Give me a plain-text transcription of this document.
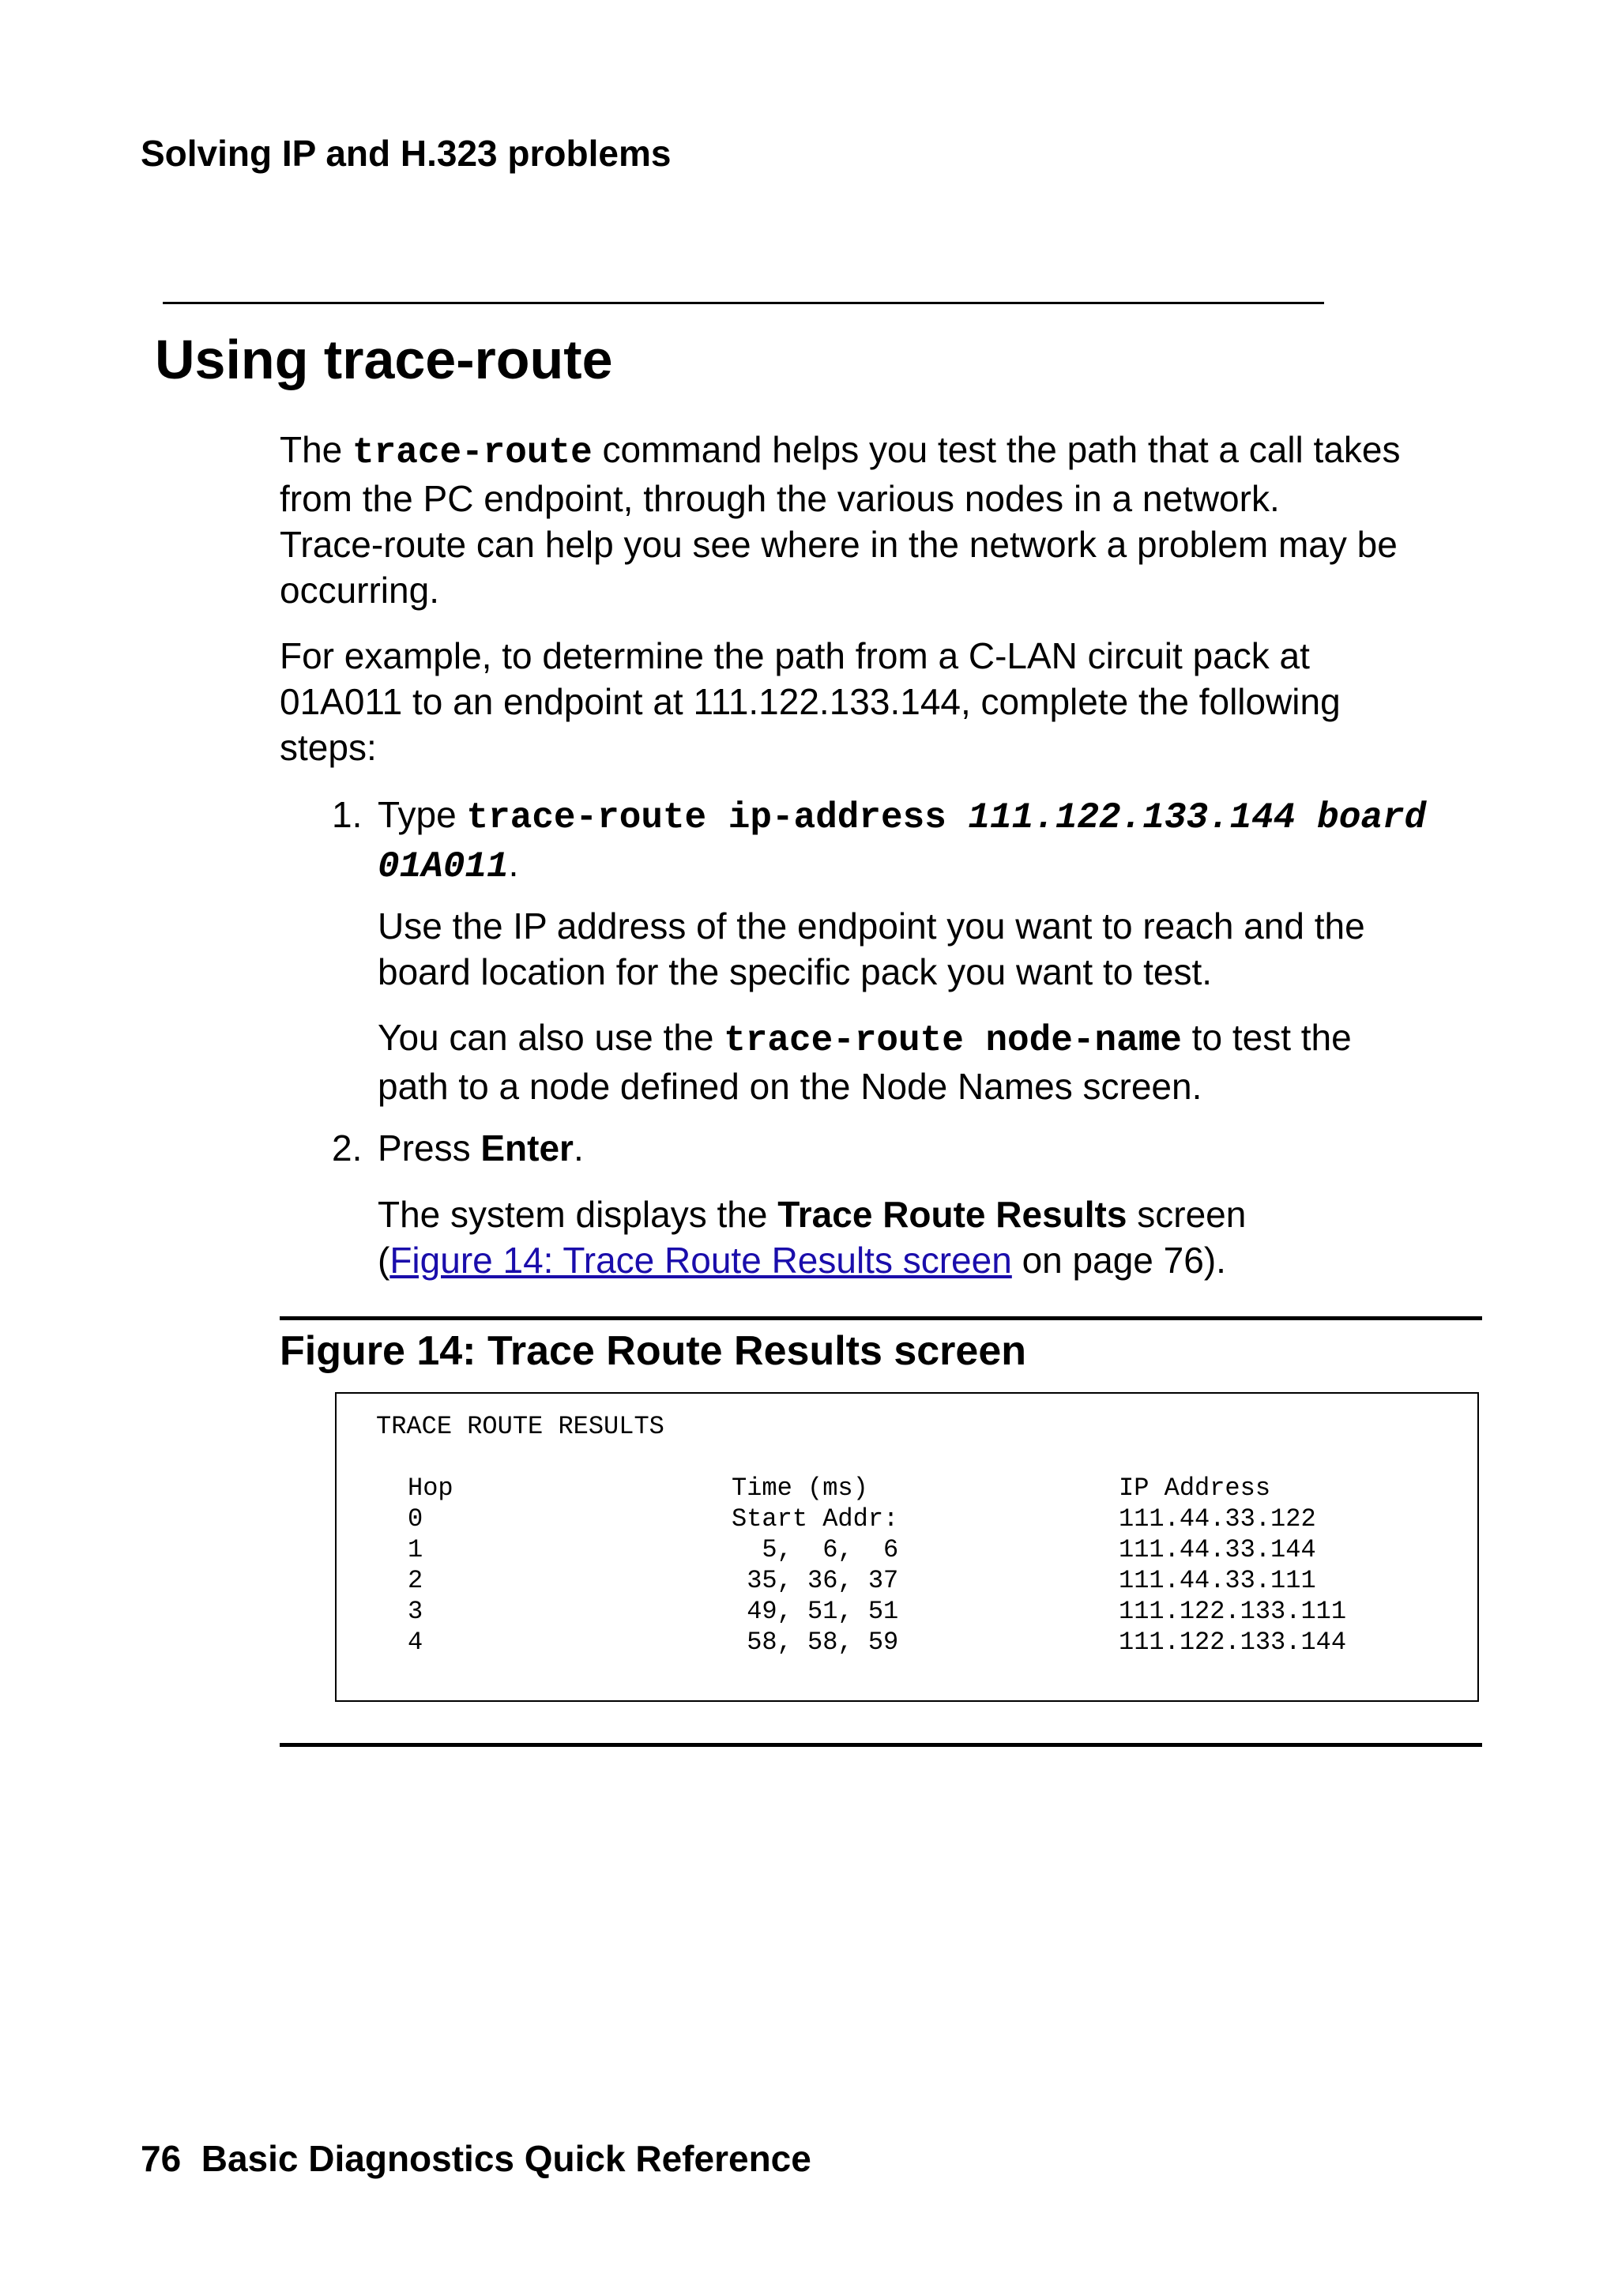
Solving IP and H.323 problems
Using trace-route

The trace-route command helps you test the path that a call takes
from the PC endpoint, through the various nodes in a network.
Trace-route can help you see where in the network a problem may be
occurring.

For example, to determine the path from a C-LAN circuit pack at
01A011 to an endpoint at 111.122.133.144, complete the following
steps:

1. Type trace-route ip-address 111.122.133.144 board
01A011.

Use the IP address of the endpoint you want to reach and the
board location for the specific pack you want to test.

You can also use the trace-route node-name to test the
path to a node defined on the Node Names screen.

2. Press Enter.

The system displays the Trace Route Results screen
(Figure 14: Trace Route Results screen on page 76).

Figure 14: Trace Route Results screen
TRACE ROUTE RESULTS
Hop	Time (ms)	IP Address
0	Start Addr:	111.44.33.122
1	5,  6,  6	111.44.33.144
2	35, 36, 37	111.44.33.111
3	49, 51, 51	111.122.133.111
4	58, 58, 59	111.122.133.144
76 Basic Diagnostics Quick Reference
